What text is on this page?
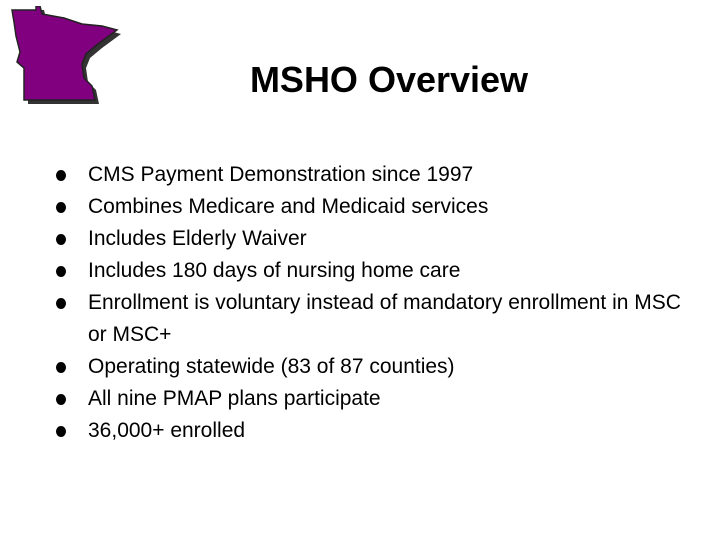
MSHO Overview
CMS Payment Demonstration since 1997
Combines Medicare and Medicaid services
Includes Elderly Waiver
Includes 180 days of nursing home care
Enrollment is voluntary instead of mandatory enrollment in MSC or MSC+
Operating statewide (83 of 87 counties)
All nine PMAP plans participate
36,000+ enrolled
